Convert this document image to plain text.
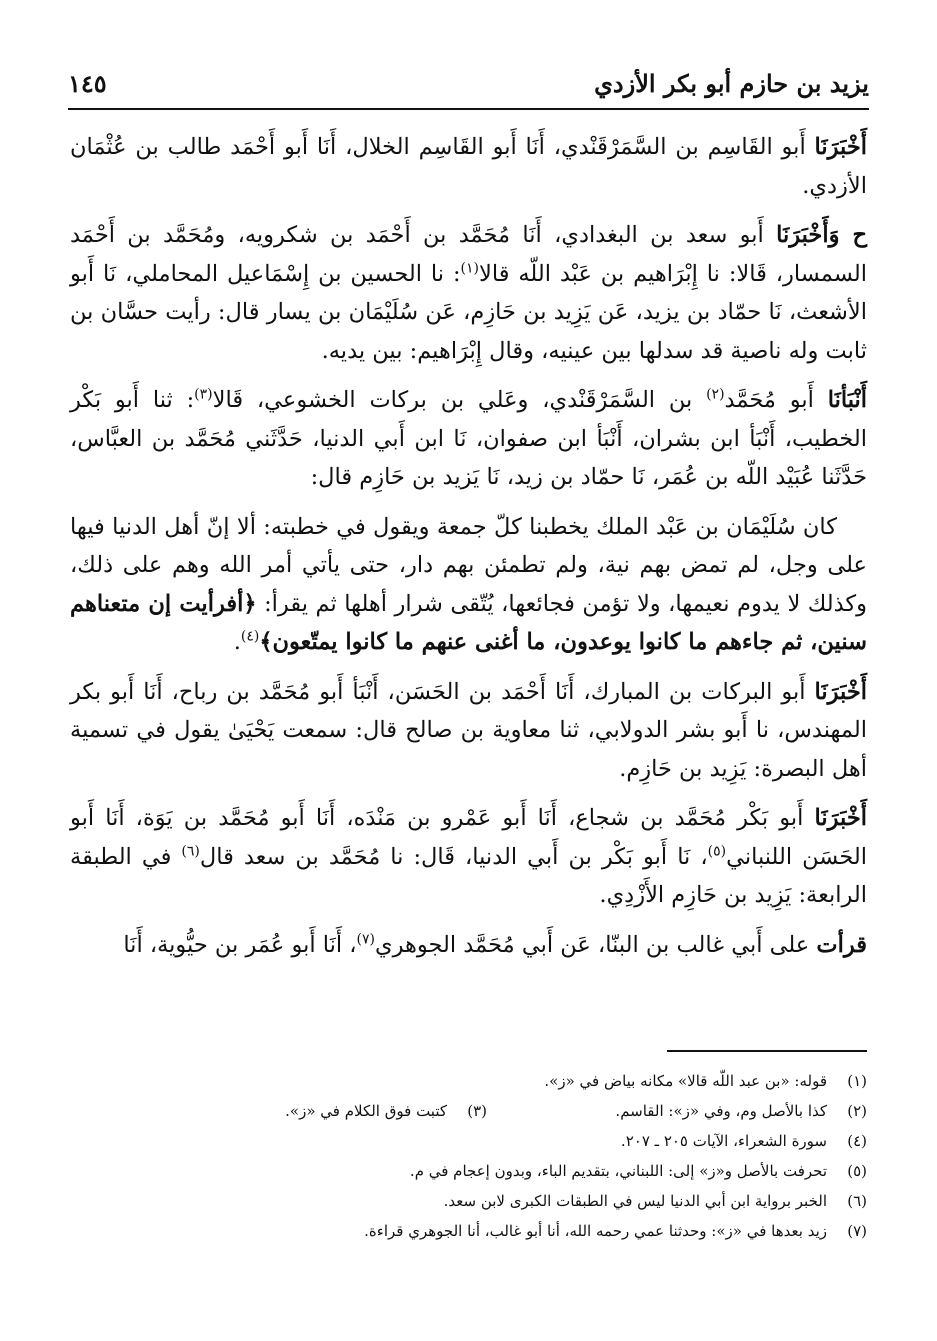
يزيد بن حازم أبو بكر الأزدي
١٤٥

أَخْبَرَنَا أَبو القَاسِم بن السَّمَرْقَنْدي، أَنَا أَبو القَاسِم الخلال، أَنَا أَبو أَحْمَد طالب بن عُثْمَان الأزدي.

ح وَأَخْبَرَنَا أَبو سعد بن البغدادي، أَنَا مُحَمَّد بن أَحْمَد بن شكرويه، ومُحَمَّد بن أَحْمَد السمسار، قَالا: نا إِبْرَاهيم بن عَبْد اللّه قالا$^{(١)}$: نا الحسين بن إِسْمَاعيل المحاملي، نَا أَبو الأشعث، نَا حمّاد بن يزيد، عَن يَزِيد بن حَازِم، عَن سُلَيْمَان بن يسار قال: رأيت حسَّان بن ثابت وله ناصية قد سدلها بين عينيه، وقال إِبْرَاهيم: بين يديه.

أَنْبَأنَا أَبو مُحَمَّد$^{(٢)}$ بن السَّمَرْقَنْدي، وعَلي بن بركات الخشوعي، قَالا$^{(٣)}$: ثنا أَبو بَكْر الخطيب، أَنْبَأ ابن بشران، أَنْبَأ ابن صفوان، نَا ابن أَبي الدنيا، حَدَّثَني مُحَمَّد بن العبَّاس، حَدَّثَنا عُبَيْد اللّه بن عُمَر، نَا حمّاد بن زيد، نَا يَزيد بن حَازِم قال:

كان سُلَيْمَان بن عَبْد الملك يخطبنا كلّ جمعة ويقول في خطبته: ألا إنّ أهل الدنيا فيها على وجل، لم تمض بهم نية، ولم تطمئن بهم دار، حتى يأتي أمر الله وهم على ذلك، وكذلك لا يدوم نعيمها، ولا تؤمن فجائعها، يُتّقى شرار أهلها ثم يقرأ: ﴿أفرأيت إن متعناهم سنين، ثم جاءهم ما كانوا يوعدون، ما أغنى عنهم ما كانوا يمتّعون﴾$^{(٤)}$.

أَخْبَرَنَا أَبو البركات بن المبارك، أَنَا أَحْمَد بن الحَسَن، أَنْبَأ أَبو مُحَمَّد بن رباح، أَنَا أَبو بكر المهندس، نا أَبو بشر الدولابي، ثنا معاوية بن صالح قال: سمعت يَحْيَىٰ يقول في تسمية أهل البصرة: يَزِيد بن حَازِم.

أَخْبَرَنَا أَبو بَكْر مُحَمَّد بن شجاع، أَنَا أَبو عَمْرو بن مَنْدَه، أَنَا أَبو مُحَمَّد بن يَوَة، أَنَا أَبو الحَسَن اللنباني$^{(٥)}$، نَا أَبو بَكْر بن أَبي الدنيا، قَال: نا مُحَمَّد بن سعد قال$^{(٦)}$ في الطبقة الرابعة: يَزِيد بن حَازِم الأَزْدِي.

قرأت على أَبي غالب بن البنّا، عَن أَبي مُحَمَّد الجوهري$^{(٧)}$، أَنَا أَبو عُمَر بن حيُّوية، أَنَا

(١)
قوله: «بن عبد اللّه قالا» مكانه بياض في «ز».
(٢)
كذا بالأصل وم، وفي «ز»: القاسم.
(٣)
كتبت فوق الكلام في «ز».
(٤)
سورة الشعراء، الآيات ٢٠٥ ـ ٢٠٧.
(٥)
تحرفت بالأصل و«ز» إلى: اللبناني، بتقديم الباء، وبدون إعجام في م.
(٦)
الخبر برواية ابن أبي الدنيا ليس في الطبقات الكبرى لابن سعد.
(٧)
زيد بعدها في «ز»: وحدثنا عمي رحمه الله، أنا أبو غالب، أنا الجوهري قراءة.
